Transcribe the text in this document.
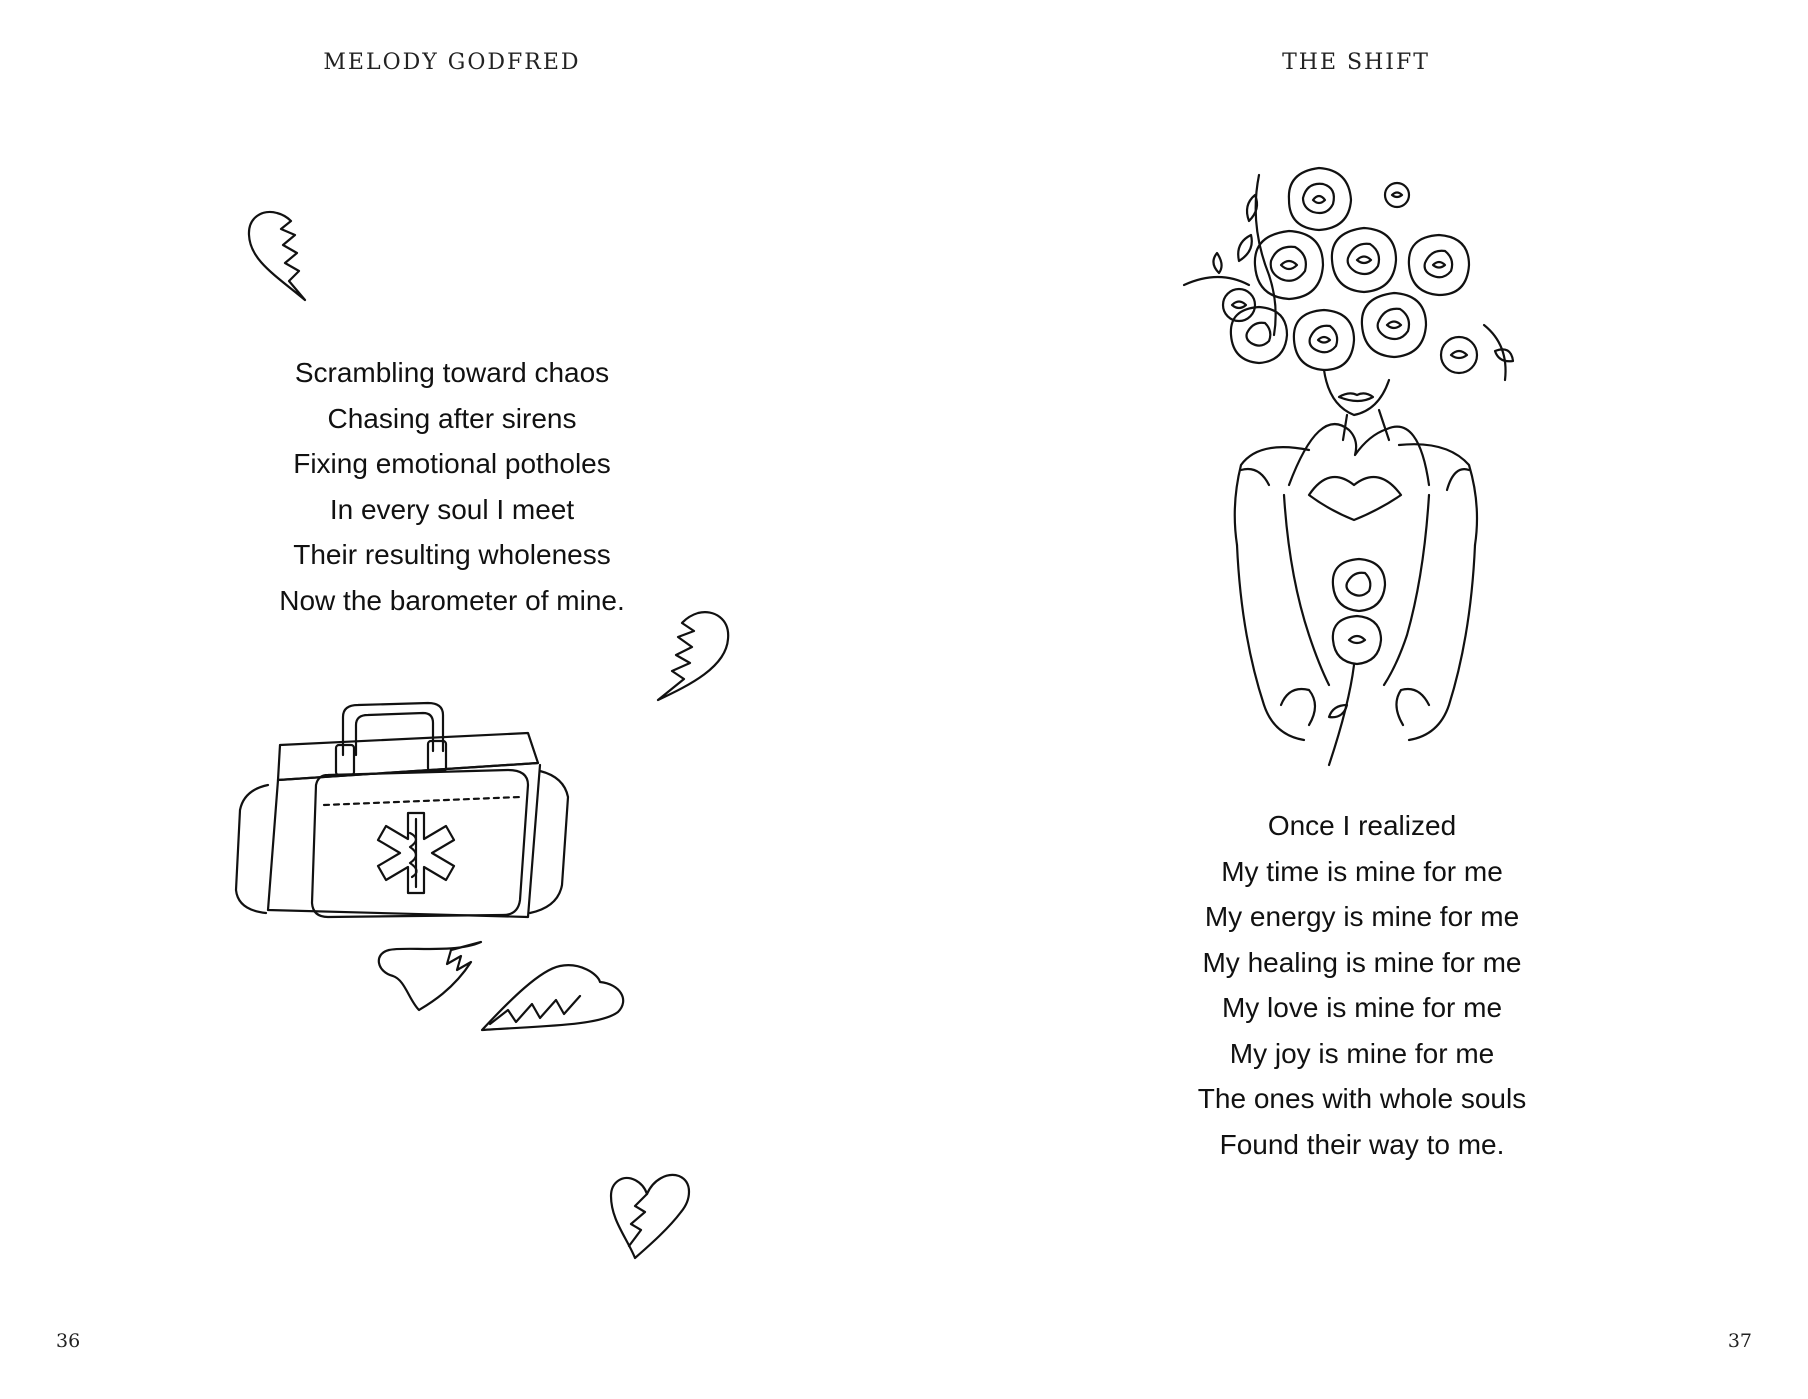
MELODY GODFRED
Scrambling toward chaos
Chasing after sirens
Fixing emotional potholes
In every soul I meet
Their resulting wholeness
Now the barometer of mine.
36
THE SHIFT
Once I realized
My time is mine for me
My energy is mine for me
My healing is mine for me
My love is mine for me
My joy is mine for me
The ones with whole souls
Found their way to me.
37
